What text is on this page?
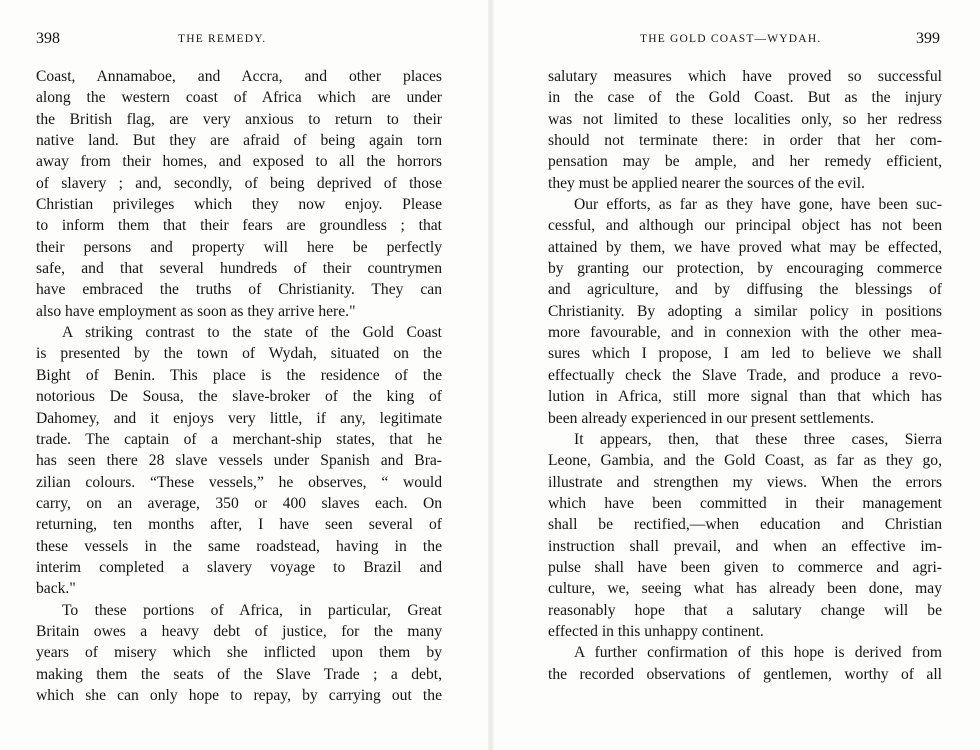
398	THE REMEDY.
Coast, Annamaboe, and Accra, and other places
along the western coast of Africa which are under
the British flag, are very anxious to return to their
native land. But they are afraid of being again torn
away from their homes, and exposed to all the horrors
of slavery ; and, secondly, of being deprived of those
Christian privileges which they now enjoy. Please
to inform them that their fears are groundless ; that
their persons and property will here be perfectly
safe, and that several hundreds of their countrymen
have embraced the truths of Christianity. They can
also have employment as soon as they arrive here."
A striking contrast to the state of the Gold Coast
is presented by the town of Wydah, situated on the
Bight of Benin. This place is the residence of the
notorious De Sousa, the slave-broker of the king of
Dahomey, and it enjoys very little, if any, legitimate
trade. The captain of a merchant-ship states, that he
has seen there 28 slave vessels under Spanish and Bra-
zilian colours. “These vessels,” he observes, “ would
carry, on an average, 350 or 400 slaves each. On
returning, ten months after, I have seen several of
these vessels in the same roadstead, having in the
interim completed a slavery voyage to Brazil and
back."
To these portions of Africa, in particular, Great
Britain owes a heavy debt of justice, for the many
years of misery which she inflicted upon them by
making them the seats of the Slave Trade ; a debt,
which she can only hope to repay, by carrying out the
THE GOLD COAST—WYDAH.	399
salutary measures which have proved so successful
in the case of the Gold Coast. But as the injury
was not limited to these localities only, so her redress
should not terminate there: in order that her com-
pensation may be ample, and her remedy efficient,
they must be applied nearer the sources of the evil.
Our efforts, as far as they have gone, have been suc-
cessful, and although our principal object has not been
attained by them, we have proved what may be effected,
by granting our protection, by encouraging commerce
and agriculture, and by diffusing the blessings of
Christianity. By adopting a similar policy in positions
more favourable, and in connexion with the other mea-
sures which I propose, I am led to believe we shall
effectually check the Slave Trade, and produce a revo-
lution in Africa, still more signal than that which has
been already experienced in our present settlements.
It appears, then, that these three cases, Sierra
Leone, Gambia, and the Gold Coast, as far as they go,
illustrate and strengthen my views. When the errors
which have been committed in their management
shall be rectified,—when education and Christian
instruction shall prevail, and when an effective im-
pulse shall have been given to commerce and agri-
culture, we, seeing what has already been done, may
reasonably hope that a salutary change will be
effected in this unhappy continent.
A further confirmation of this hope is derived from
the recorded observations of gentlemen, worthy of all
